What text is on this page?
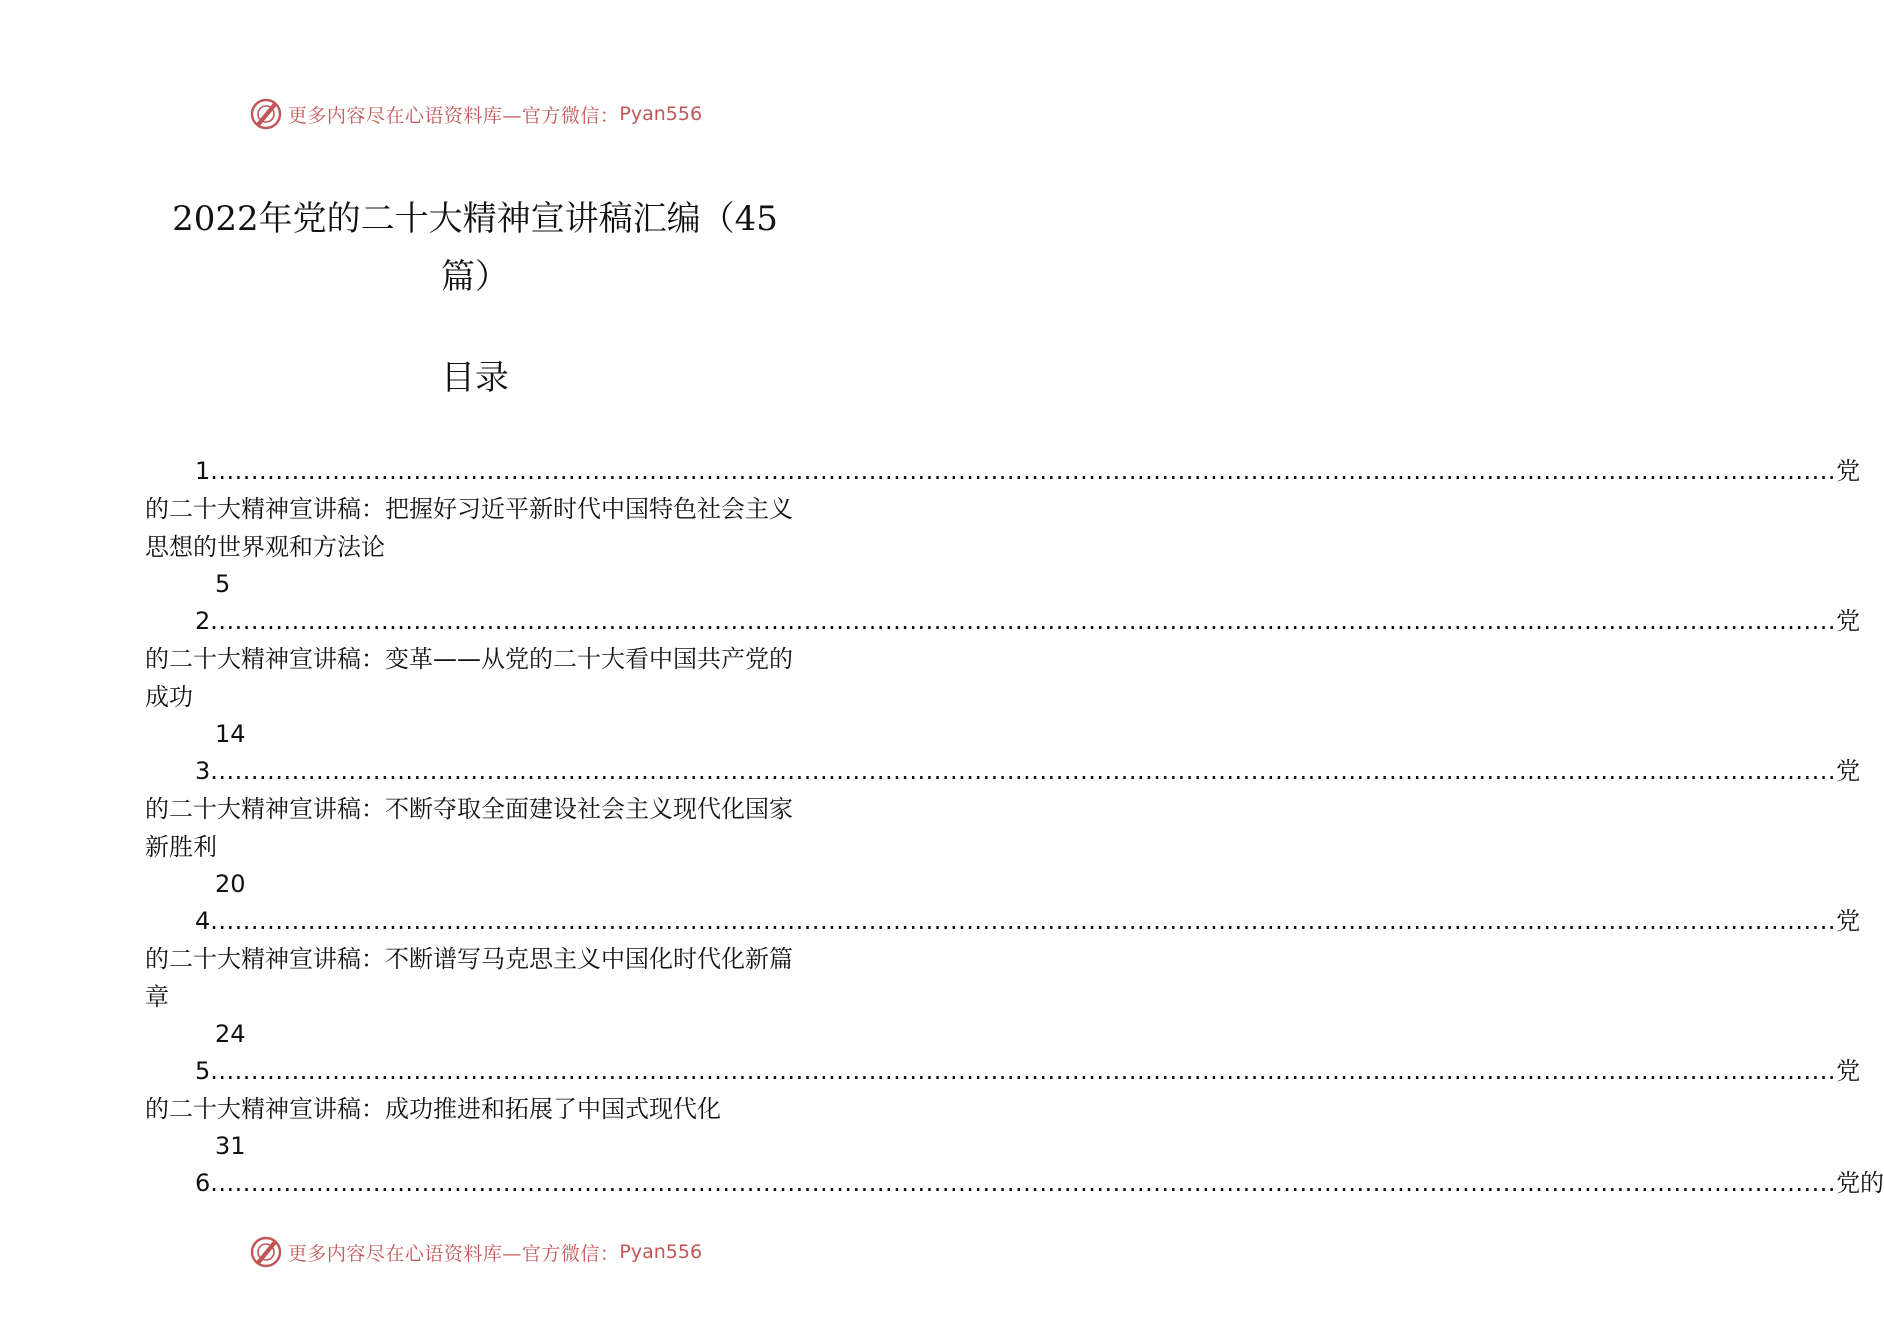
更多内容尽在心语资料库—官方微信： Pyan556
2022年党的二十大精神宣讲稿汇编（45篇）
目录
1 ........................................................................................................................................................................................................ 党
的二十大精神宣讲稿：把握好习近平新时代中国特色社会主义思想的世界观和方法论
5
2 ........................................................................................................................................................................................................ 党
的二十大精神宣讲稿：变革——从党的二十大看中国共产党的成功
14
3 ........................................................................................................................................................................................................ 党
的二十大精神宣讲稿：不断夺取全面建设社会主义现代化国家新胜利
20
4 ........................................................................................................................................................................................................ 党
的二十大精神宣讲稿：不断谱写马克思主义中国化时代化新篇章
24
5 ........................................................................................................................................................................................................ 党
的二十大精神宣讲稿：成功推进和拓展了中国式现代化
31
6 ........................................................................................................................................................................................................ 党的
更多内容尽在心语资料库—官方微信： Pyan556
